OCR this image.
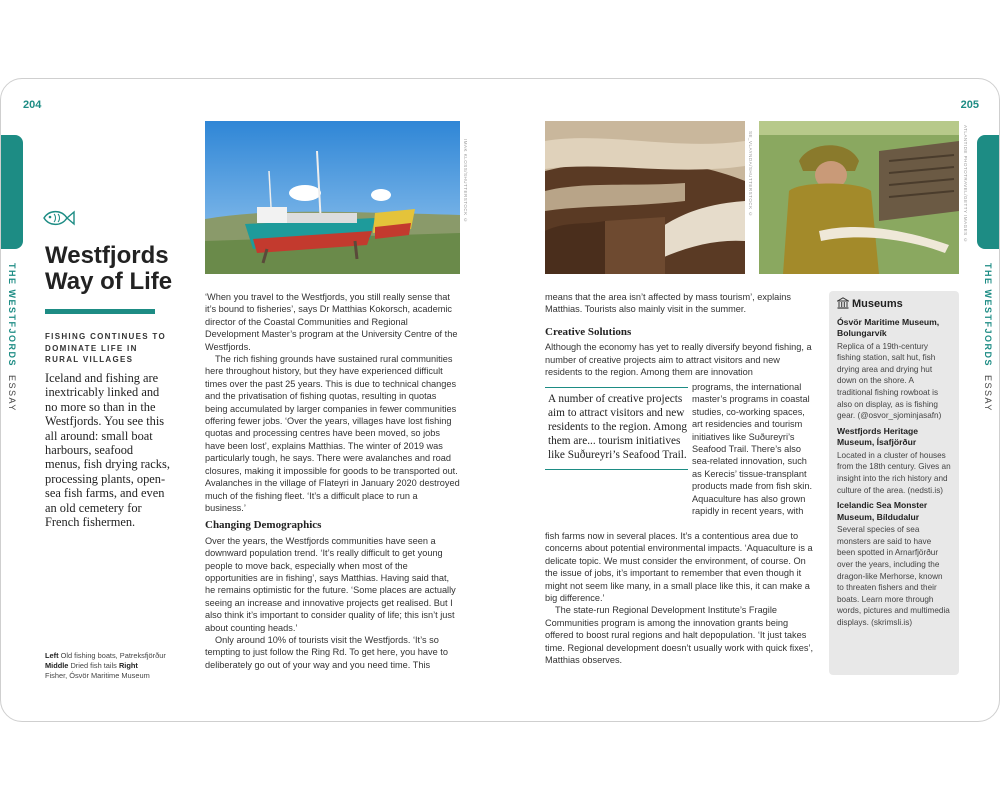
204	205
THE WESTFJORDS  ESSAY
THE WESTFJORDS  ESSAY
Westfjords Way of Life
FISHING CONTINUES TO DOMINATE LIFE IN RURAL VILLAGES
Iceland and fishing are inextricably linked and no more so than in the Westfjords. You see this all around: small boat harbours, seafood menus, fish drying racks, processing plants, open-sea fish farms, and even an old cemetery for French fishermen.
Left Old fishing boats, Patreksfjörður
Middle Dried fish tails Right
Fisher, Ósvör Maritime Museum
IMAK KLOSS/SHUTTERSTOCK ©	SE_VLAYNDA/SHUTTERSTOCK ©	ATLANTIDE PHOTOTRAVEL/GETTY IMAGES ©

‘When you travel to the Westfjords, you still really sense that it’s bound to fisheries’, says Dr Matthias Kokorsch, academic director of the Coastal Communities and Regional Development Master’s program at the University Centre of the Westfjords.

The rich fishing grounds have sustained rural communities here throughout history, but they have experienced difficult times over the past 25 years. This is due to technical changes and the privatisation of fishing quotas, resulting in quotas being accumulated by larger companies in fewer communities offering fewer jobs. ‘Over the years, villages have lost fishing quotas and processing centres have been moved, so jobs have been lost’, explains Matthias. The winter of 2019 was particularly tough, he says. There were avalanches and road closures, making it impossible for goods to be transported out. Avalanches in the village of Flateyri in January 2020 destroyed much of the fishing fleet. ‘It’s a difficult place to run a business.’

Changing Demographics

Over the years, the Westfjords communities have seen a downward population trend. ‘It’s really difficult to get young people to move back, especially when most of the opportunities are in fishing’, says Matthias. Having said that, he remains optimistic for the future. ‘Some places are actually seeing an increase and innovative projects get realised. But I also think it’s important to consider quality of life; this isn’t just about counting heads.’

Only around 10% of tourists visit the Westfjords. ‘It’s so tempting to just follow the Ring Rd. To get here, you have to deliberately go out of your way and you need time. This

means that the area isn’t affected by mass tourism’, explains Matthias. Tourists also mainly visit in the summer.

Creative Solutions

Although the economy has yet to really diversify beyond fishing, a number of creative projects aim to attract visitors and new residents to the region. Among them are innovation

A number of creative projects aim to attract visitors and new residents to the region. Among them are... tourism initiatives like Suðureyri’s Seafood Trail.

programs, the international master’s programs in coastal studies, co-working spaces, art residencies and tourism initiatives like Suðureyri’s Seafood Trail. There’s also sea-related innovation, such as Kerecis’ tissue-transplant products made from fish skin. Aquaculture has also grown rapidly in recent years, with

fish farms now in several places. It’s a contentious area due to concerns about potential environmental impacts. ‘Aquaculture is a delicate topic. We must consider the environment, of course. On the issue of jobs, it’s important to remember that even though it might not seem like many, in a small place like this, it can make a big difference.’

The state-run Regional Development Institute’s Fragile Communities program is among the innovation grants being offered to boost rural regions and halt depopulation. ‘It just takes time. Regional development doesn’t usually work with quick fixes’, Matthias observes.

Museums
Ósvör Maritime Museum, Bolungarvík
Replica of a 19th-century fishing station, salt hut, fish drying area and drying hut down on the shore. A traditional fishing rowboat is also on display, as is fishing gear. (@osvor_sjominjasafn)
Westfjords Heritage Museum, Ísafjörður
Located in a cluster of houses from the 18th century. Gives an insight into the rich history and culture of the area. (nedsti.is)
Icelandic Sea Monster Museum, Bíldudalur
Several species of sea monsters are said to have been spotted in Arnarfjörður over the years, including the dragon-like Merhorse, known to threaten fishers and their boats. Learn more through words, pictures and multimedia displays. (skrimsli.is)
